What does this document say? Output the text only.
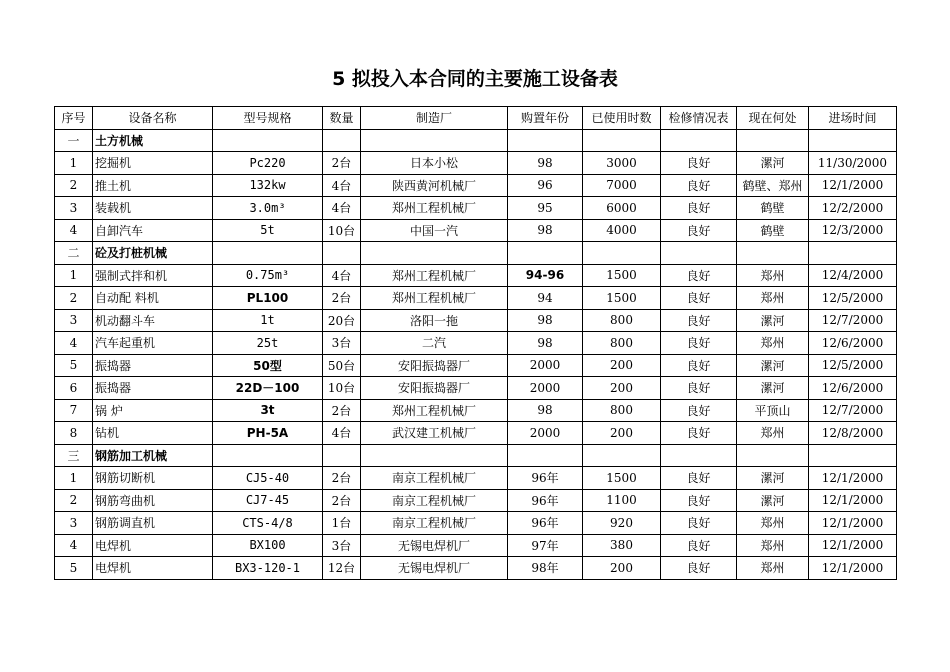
5 拟投入本合同的主要施工设备表
序号	设备名称	型号规格	数量	制造厂	购置年份	已使用时数	检修情况表	现在何处	进场时间
一	土方机械								
1	挖掘机	Pc220	2台	日本小松	98	3000	良好	漯河	11/30/2000
2	推土机	132kw	4台	陕西黄河机械厂	96	7000	良好	鹤壁、郑州	12/1/2000
3	装载机	3.0m³	4台	郑州工程机械厂	95	6000	良好	鹤壁	12/2/2000
4	自卸汽车	5t	10台	中国一汽	98	4000	良好	鹤壁	12/3/2000
二	砼及打桩机械								
1	强制式拌和机	0.75m³	4台	郑州工程机械厂	94-96	1500	良好	郑州	12/4/2000
2	自动配 料机	PL100	2台	郑州工程机械厂	94	1500	良好	郑州	12/5/2000
3	机动翻斗车	1t	20台	洛阳一拖	98	800	良好	漯河	12/7/2000
4	汽车起重机	25t	3台	二汽	98	800	良好	郑州	12/6/2000
5	振捣器	50型	50台	安阳振捣器厂	2000	200	良好	漯河	12/5/2000
6	振捣器	22D－100	10台	安阳振捣器厂	2000	200	良好	漯河	12/6/2000
7	锅 炉	3t	2台	郑州工程机械厂	98	800	良好	平顶山	12/7/2000
8	钻机	PH-5A	4台	武汉建工机械厂	2000	200	良好	郑州	12/8/2000
三	钢筋加工机械								
1	钢筋切断机	CJ5-40	2台	南京工程机械厂	96年	1500	良好	漯河	12/1/2000
2	钢筋弯曲机	CJ7-45	2台	南京工程机械厂	96年	1100	良好	漯河	12/1/2000
3	钢筋调直机	CTS-4/8	1台	南京工程机械厂	96年	920	良好	郑州	12/1/2000
4	电焊机	BX100	3台	无锡电焊机厂	97年	380	良好	郑州	12/1/2000
5	电焊机	BX3-120-1	12台	无锡电焊机厂	98年	200	良好	郑州	12/1/2000
